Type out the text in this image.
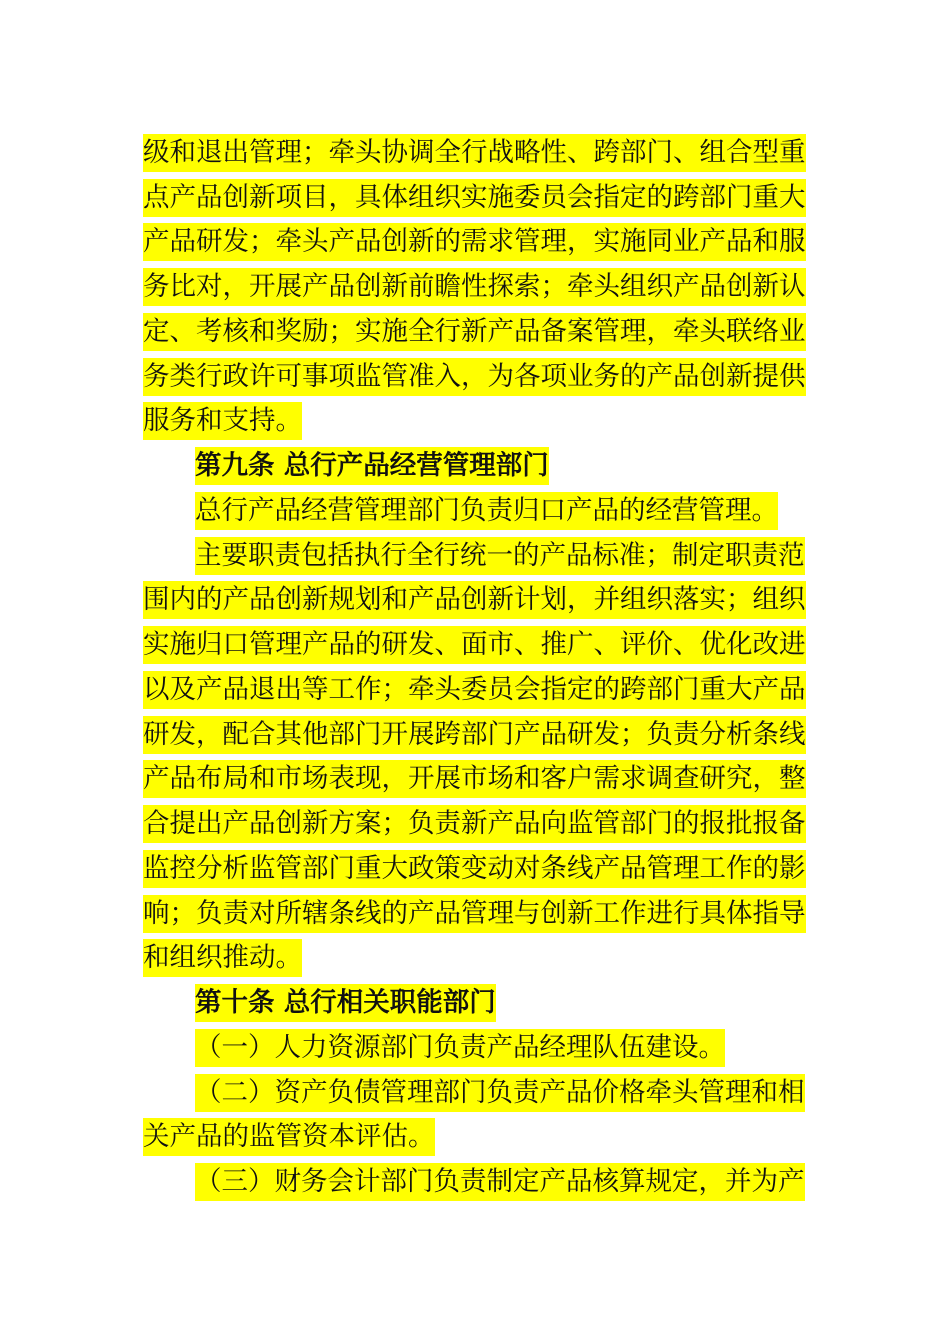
级和退出管理；牵头协调全行战略性、跨部门、组合型重
点产品创新项目，具体组织实施委员会指定的跨部门重大
产品研发；牵头产品创新的需求管理，实施同业产品和服
务比对，开展产品创新前瞻性探索；牵头组织产品创新认
定、考核和奖励；实施全行新产品备案管理，牵头联络业
务类行政许可事项监管准入，为各项业务的产品创新提供
服务和支持。
第九条 总行产品经营管理部门
总行产品经营管理部门负责归口产品的经营管理。
主要职责包括执行全行统一的产品标准；制定职责范
围内的产品创新规划和产品创新计划，并组织落实；组织
实施归口管理产品的研发、面市、推广、评价、优化改进
以及产品退出等工作；牵头委员会指定的跨部门重大产品
研发，配合其他部门开展跨部门产品研发；负责分析条线
产品布局和市场表现，开展市场和客户需求调查研究，整
合提出产品创新方案；负责新产品向监管部门的报批报备
监控分析监管部门重大政策变动对条线产品管理工作的影
响；负责对所辖条线的产品管理与创新工作进行具体指导
和组织推动。
第十条 总行相关职能部门
（一）人力资源部门负责产品经理队伍建设。
（二）资产负债管理部门负责产品价格牵头管理和相
关产品的监管资本评估。
（三）财务会计部门负责制定产品核算规定，并为产
